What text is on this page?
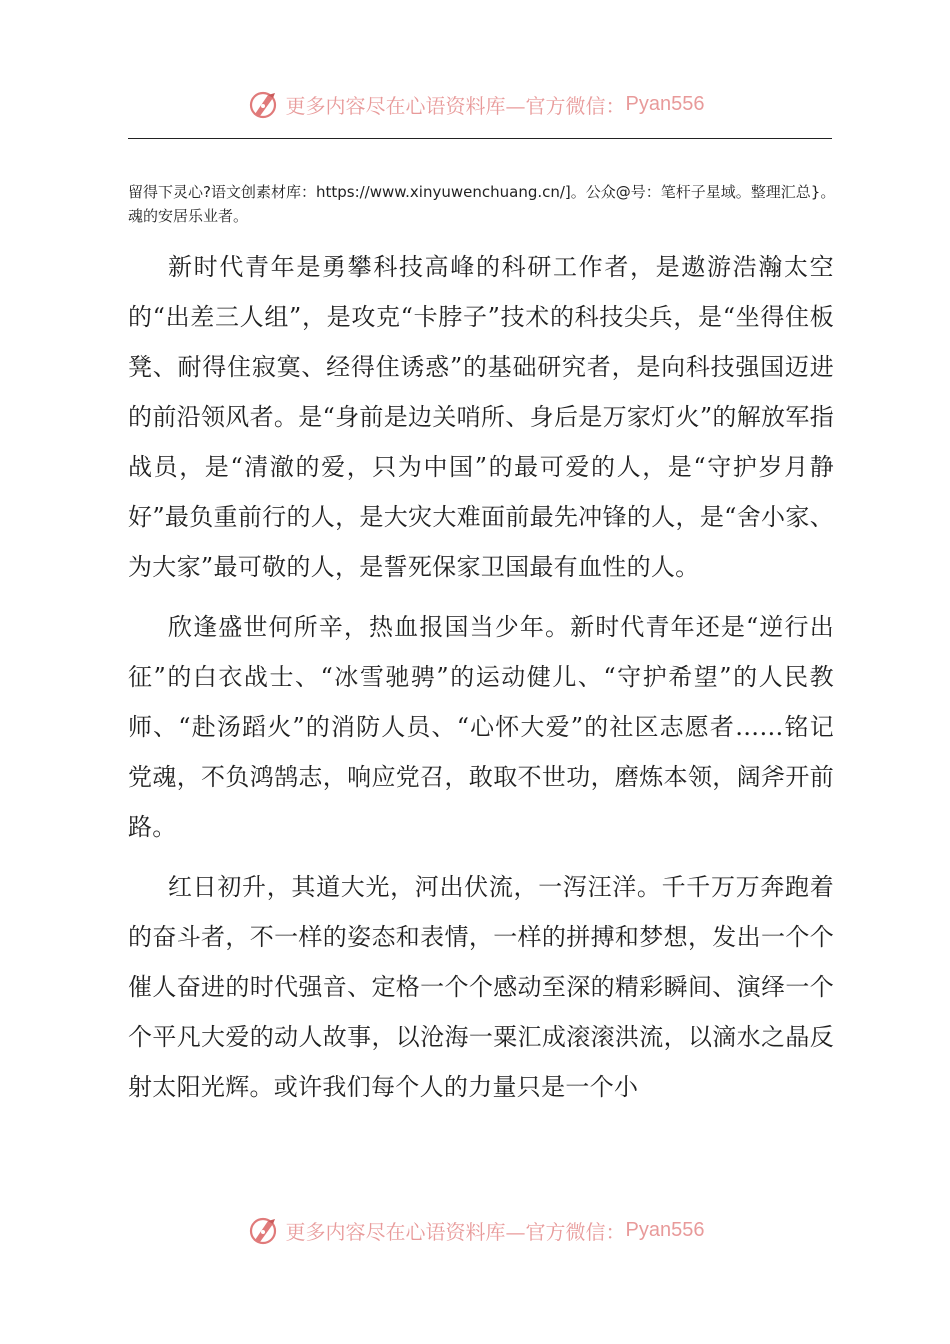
更多内容尽在心语资料库—官方微信： Pyan556
留得下灵心?语文创素材库：https://www.xinyuwenchuang.cn/]。公众@号：笔杆子星域。整理汇总}。魂的安居乐业者。

新时代青年是勇攀科技高峰的科研工作者，是遨游浩瀚太空的“出差三人组”，是攻克“卡脖子”技术的科技尖兵，是“坐得住板凳、耐得住寂寞、经得住诱惑”的基础研究者，是向科技强国迈进的前沿领风者。是“身前是边关哨所、身后是万家灯火”的解放军指战员，是“清澈的爱，只为中国”的最可爱的人，是“守护岁月静好”最负重前行的人，是大灾大难面前最先冲锋的人，是“舍小家、为大家”最可敬的人，是誓死保家卫国最有血性的人。

欣逢盛世何所辛，热血报国当少年。新时代青年还是“逆行出征”的白衣战士、“冰雪驰骋”的运动健儿、“守护希望”的人民教师、“赴汤蹈火”的消防人员、“心怀大爱”的社区志愿者……铭记党魂，不负鸿鹄志，响应党召，敢取不世功，磨炼本领，阔斧开前路。

红日初升，其道大光，河出伏流，一泻汪洋。千千万万奔跑着的奋斗者，不一样的姿态和表情，一样的拼搏和梦想，发出一个个催人奋进的时代强音、定格一个个感动至深的精彩瞬间、演绎一个个平凡大爱的动人故事，以沧海一粟汇成滚滚洪流，以滴水之晶反射太阳光辉。或许我们每个人的力量只是一个小

更多内容尽在心语资料库—官方微信： Pyan556
